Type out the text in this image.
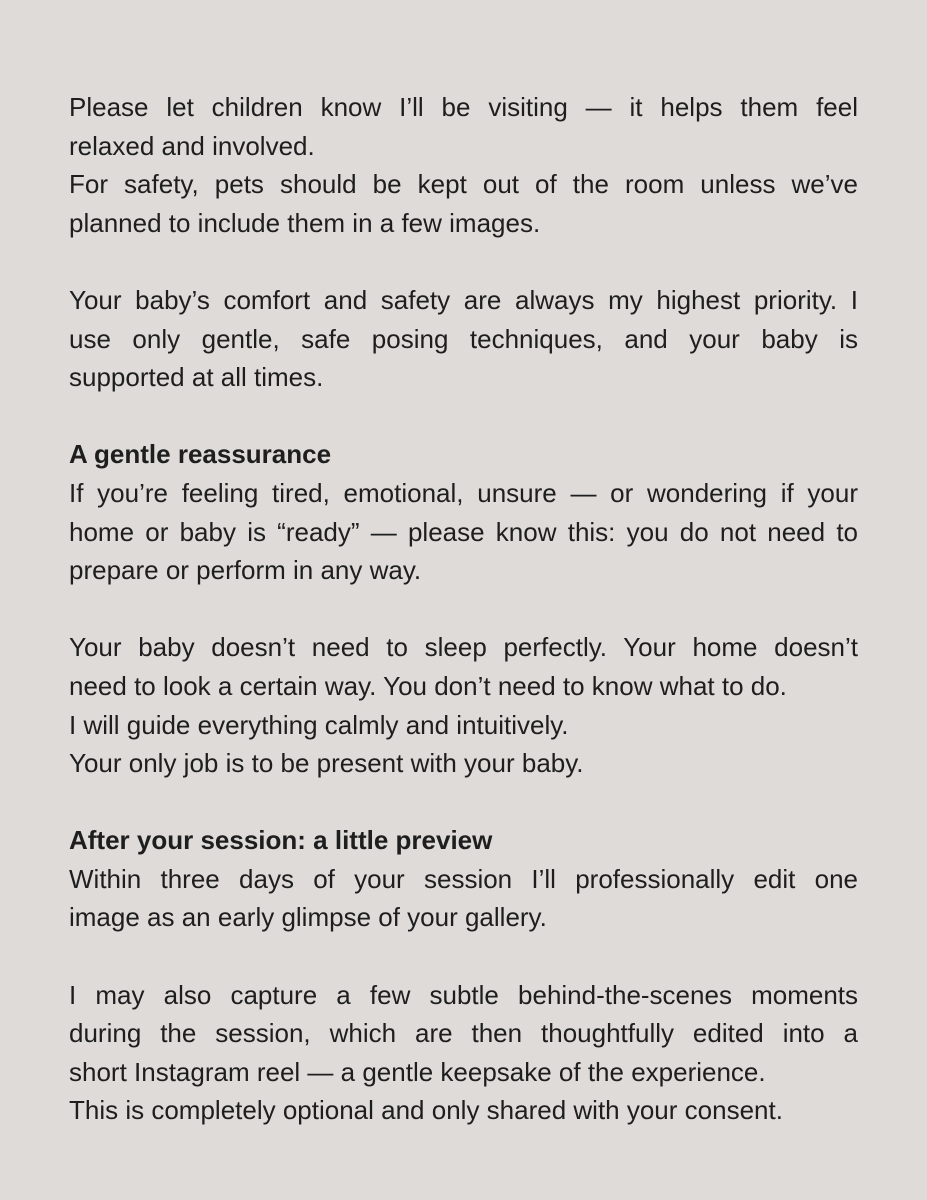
Please let children know I’ll be visiting — it helps them feel
relaxed and involved.
For safety, pets should be kept out of the room unless we’ve
planned to include them in a few images.
Your baby’s comfort and safety are always my highest priority. I
use only gentle, safe posing techniques, and your baby is
supported at all times.
A gentle reassurance
If you’re feeling tired, emotional, unsure — or wondering if your
home or baby is “ready” — please know this: you do not need to
prepare or perform in any way.
Your baby doesn’t need to sleep perfectly. Your home doesn’t
need to look a certain way. You don’t need to know what to do.
I will guide everything calmly and intuitively.
Your only job is to be present with your baby.
After your session: a little preview
Within three days of your session I’ll professionally edit one
image as an early glimpse of your gallery.
I may also capture a few subtle behind-the-scenes moments
during the session, which are then thoughtfully edited into a
short Instagram reel — a gentle keepsake of the experience.
This is completely optional and only shared with your consent.
